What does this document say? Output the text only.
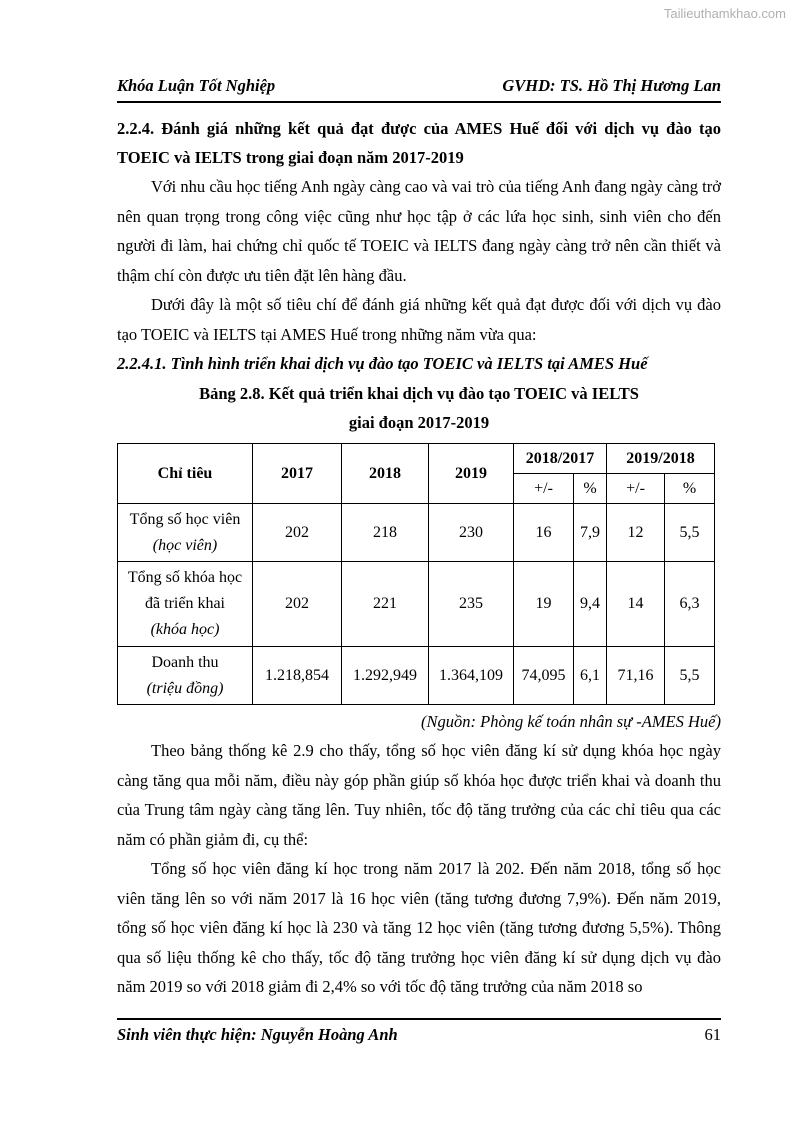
Tailieuthamkhao.com
Khóa Luận Tốt Nghiệp	GVHD: TS. Hồ Thị Hương Lan
2.2.4. Đánh giá những kết quả đạt được của AMES Huế đối với dịch vụ đào tạo
TOEIC và IELTS trong giai đoạn năm 2017-2019
Với nhu cầu học tiếng Anh ngày càng cao và vai trò của tiếng Anh đang ngày càng trở nên quan trọng trong công việc cũng như học tập ở các lứa học sinh, sinh viên cho đến người đi làm, hai chứng chỉ quốc tế TOEIC và IELTS đang ngày càng trở nên cần thiết và thậm chí còn được ưu tiên đặt lên hàng đầu.
Dưới đây là một số tiêu chí để đánh giá những kết quả đạt được đối với dịch vụ đào tạo TOEIC và IELTS tại AMES Huế trong những năm vừa qua:
2.2.4.1. Tình hình triển khai dịch vụ đào tạo TOEIC và IELTS tại AMES Huế
Bảng 2.8. Kết quả triển khai dịch vụ đào tạo TOEIC và IELTS
giai đoạn 2017-2019
Chỉ tiêu	2017	2018	2019	2018/2017		2019/2018	
				+/-	%	+/-	%

Tổng số học viên
(học viên)	202	218	230	16	7,9	12	5,5

Tổng số khóa học
đã triển khai
(khóa học)	202	221	235	19	9,4	14	6,3

Doanh thu
(triệu đồng)	1.218,854	1.292,949	1.364,109	74,095	6,1	71,16	5,5
(Nguồn: Phòng kế toán nhân sự -AMES Huế)
Theo bảng thống kê 2.9 cho thấy, tổng số học viên đăng kí sử dụng khóa học ngày càng tăng qua mỗi năm, điều này góp phần giúp số khóa học được triển khai và doanh thu của Trung tâm ngày càng tăng lên. Tuy nhiên, tốc độ tăng trưởng của các chỉ tiêu qua các năm có phần giảm đi, cụ thể:
Tổng số học viên đăng kí học trong năm 2017 là 202. Đến năm 2018, tổng số học viên tăng lên so với năm 2017 là 16 học viên (tăng tương đương 7,9%). Đến năm 2019, tổng số học viên đăng kí học là 230 và tăng 12 học viên (tăng tương đương 5,5%). Thông qua số liệu thống kê cho thấy, tốc độ tăng trưởng học viên đăng kí sử dụng dịch vụ đào năm 2019 so với 2018 giảm đi 2,4% so với tốc độ tăng trưởng của năm 2018 so
Sinh viên thực hiện: Nguyễn Hoàng Anh	61
